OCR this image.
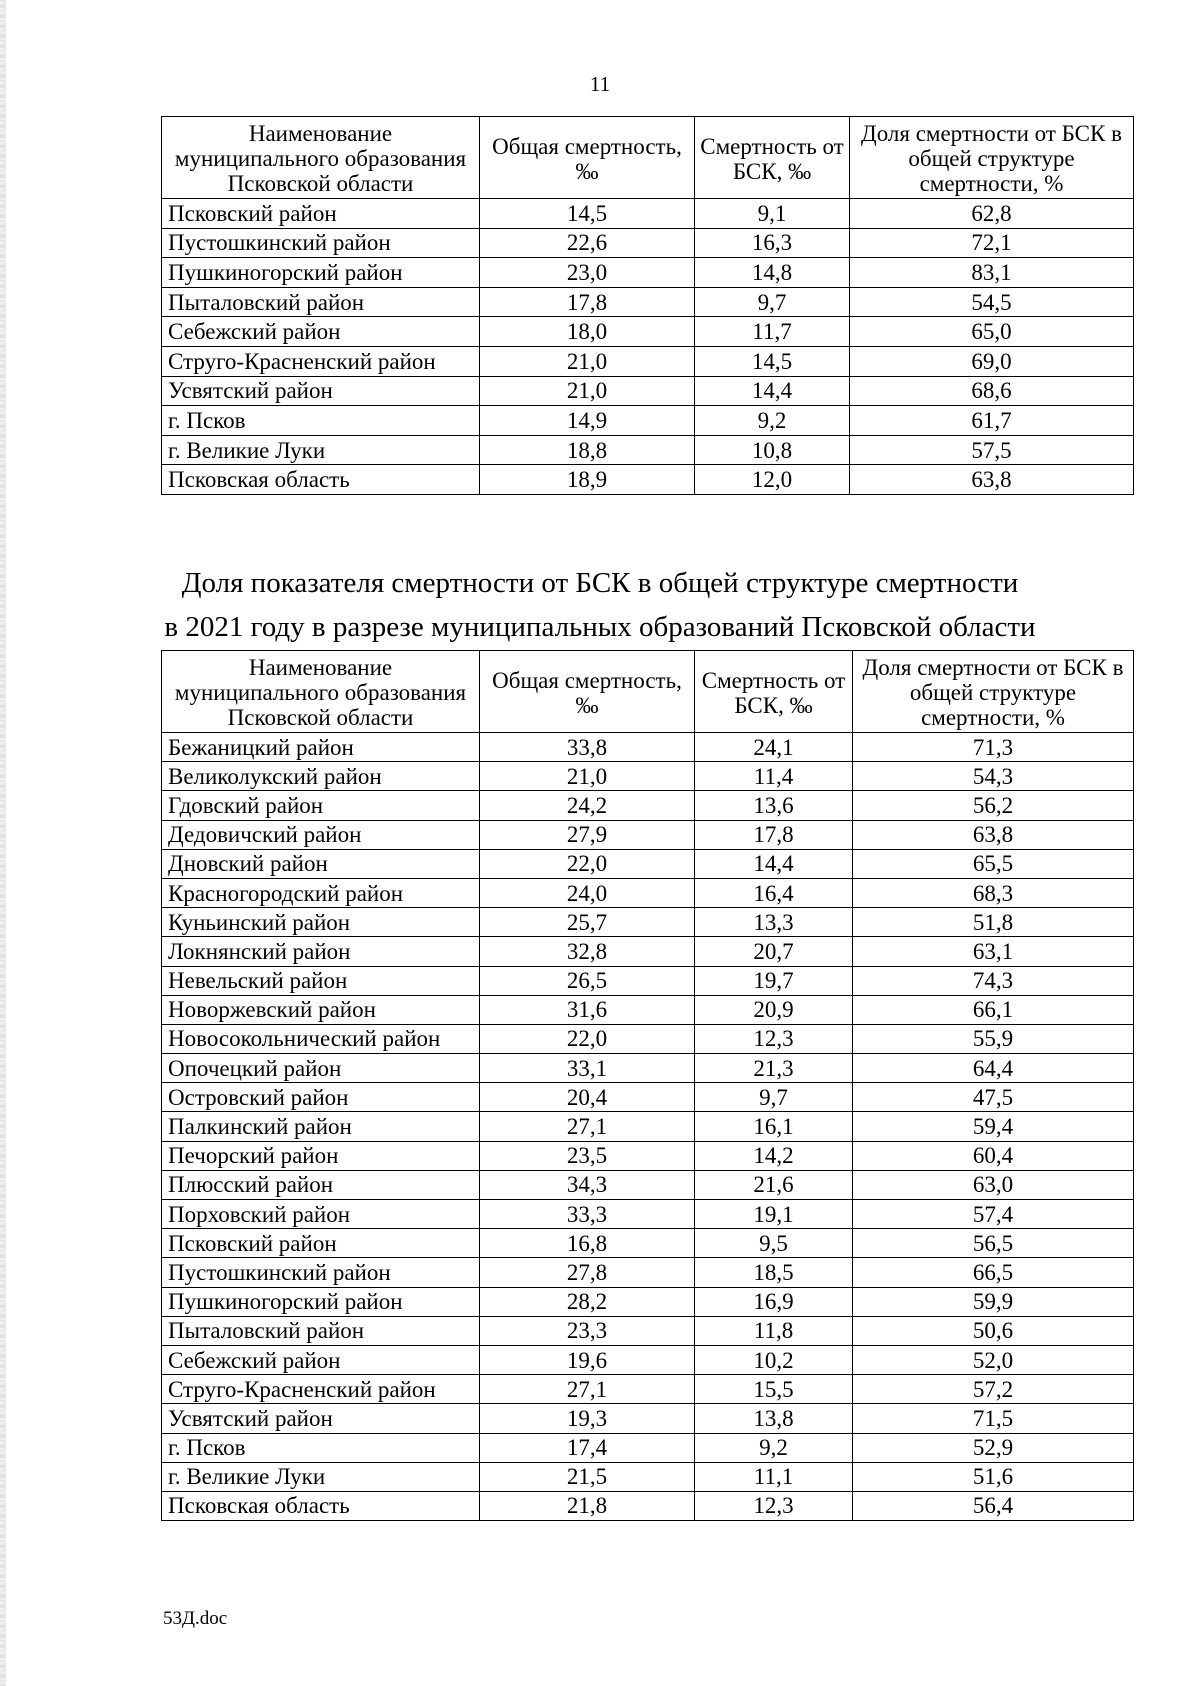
11
Наименование муниципального образования Псковской области	Общая смертность, ‰	Смертность от БСК, ‰	Доля смертности от БСК в общей структуре смертности, %
Псковский район	14,5	9,1	62,8
Пустошкинский район	22,6	16,3	72,1
Пушкиногорский район	23,0	14,8	83,1
Пыталовский район	17,8	9,7	54,5
Себежский район	18,0	11,7	65,0
Струго-Красненский район	21,0	14,5	69,0
Усвятский район	21,0	14,4	68,6
г. Псков	14,9	9,2	61,7
г. Великие Луки	18,8	10,8	57,5
Псковская область	18,9	12,0	63,8
Доля показателя смертности от БСК в общей структуре смертности
в 2021 году в разрезе муниципальных образований Псковской области
Наименование муниципального образования Псковской области	Общая смертность, ‰	Смертность от БСК, ‰	Доля смертности от БСК в общей структуре смертности, %
Бежаницкий район	33,8	24,1	71,3
Великолукский район	21,0	11,4	54,3
Гдовский район	24,2	13,6	56,2
Дедовичский район	27,9	17,8	63,8
Дновский район	22,0	14,4	65,5
Красногородский район	24,0	16,4	68,3
Куньинский район	25,7	13,3	51,8
Локнянский район	32,8	20,7	63,1
Невельский район	26,5	19,7	74,3
Новоржевский район	31,6	20,9	66,1
Новосокольнический район	22,0	12,3	55,9
Опочецкий район	33,1	21,3	64,4
Островский район	20,4	9,7	47,5
Палкинский район	27,1	16,1	59,4
Печорский район	23,5	14,2	60,4
Плюсский район	34,3	21,6	63,0
Порховский район	33,3	19,1	57,4
Псковский район	16,8	9,5	56,5
Пустошкинский район	27,8	18,5	66,5
Пушкиногорский район	28,2	16,9	59,9
Пыталовский район	23,3	11,8	50,6
Себежский район	19,6	10,2	52,0
Струго-Красненский район	27,1	15,5	57,2
Усвятский район	19,3	13,8	71,5
г. Псков	17,4	9,2	52,9
г. Великие Луки	21,5	11,1	51,6
Псковская область	21,8	12,3	56,4
53Д.doc
